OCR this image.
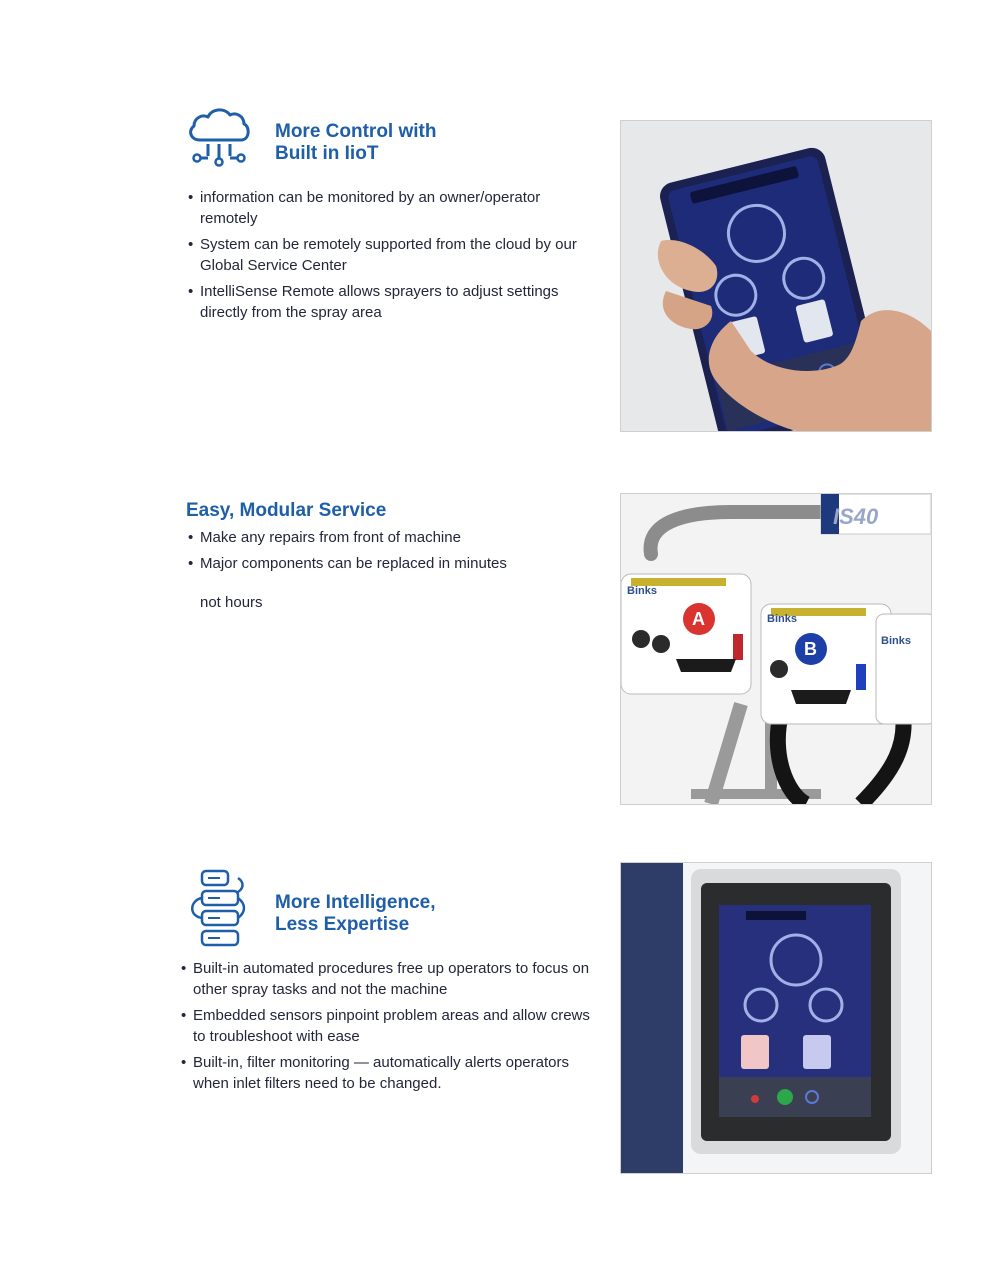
More Control with

Built in IioT

• information can be monitored by an owner/operator remotely
• System can be remotely supported from the cloud by our Global Service Center
• IntelliSense Remote allows sprayers to adjust settings directly from the spray area

Easy, Modular Service

• Make any repairs from front of machine
• Major components can be replaced in minutes
not hours
IS40
A
Binks
B
Binks
Binks

More Intelligence,

Less Expertise

• Built-in automated procedures free up operators to focus on other spray tasks and not the machine
• Embedded sensors pinpoint problem areas and allow crews to troubleshoot with ease
• Built-in, filter monitoring — automatically alerts operators when inlet filters need to be changed.
